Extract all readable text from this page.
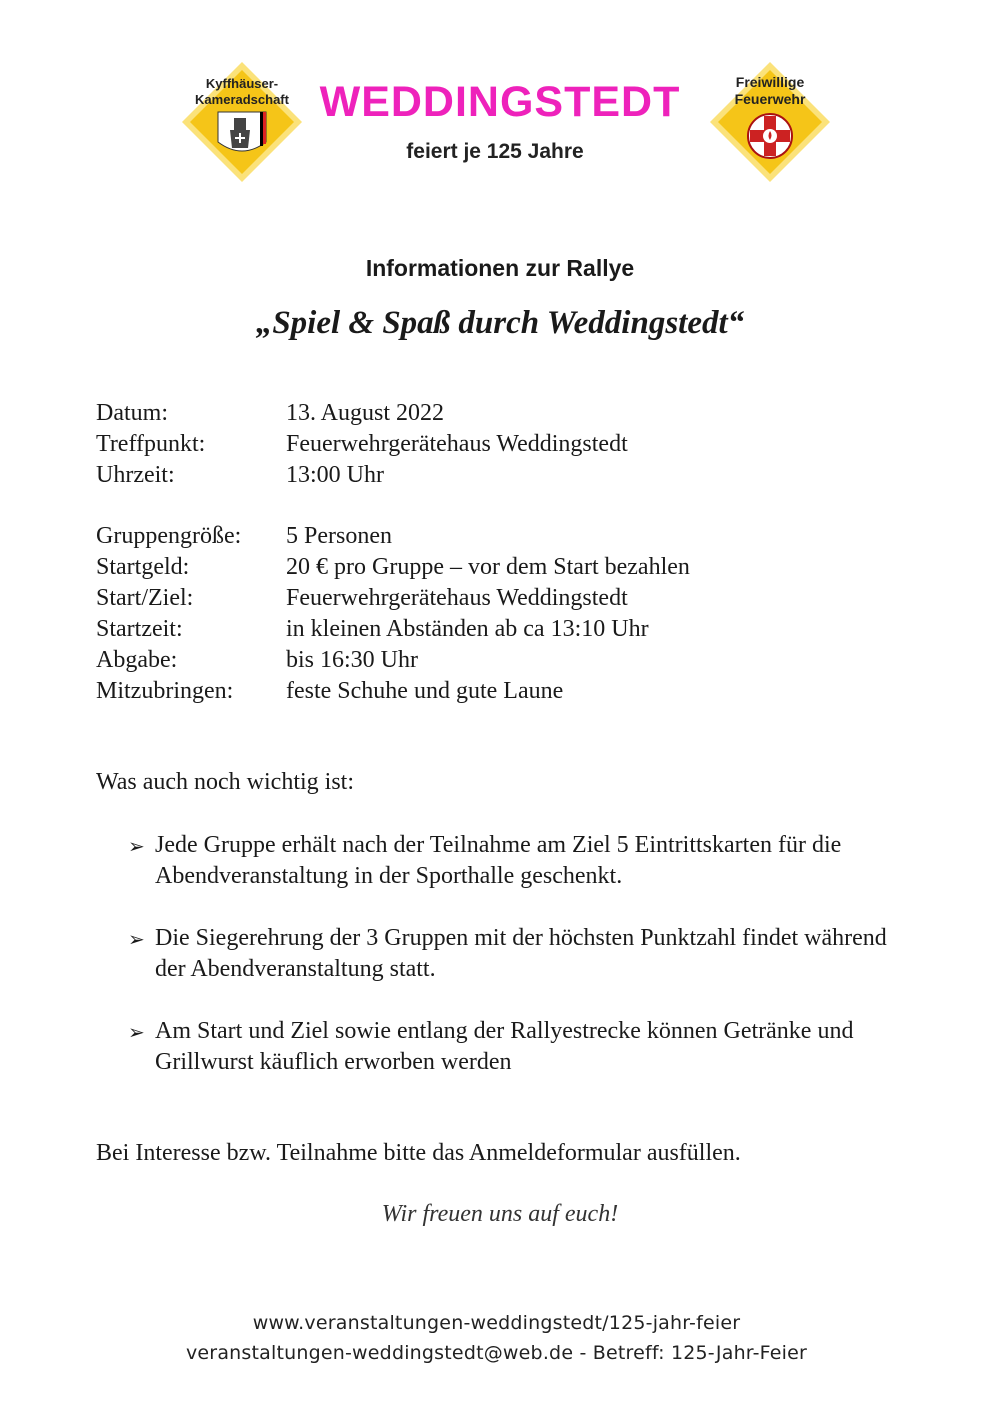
Kyffhäuser-
Kameradschaft
Freiwillige
Feuerwehr
WEDDINGSTEDT
feiert je 125 Jahre
Informationen zur Rallye
„Spiel & Spaß durch Weddingstedt“
Datum:	13. August 2022
Treffpunkt:	Feuerwehrgerätehaus Weddingstedt
Uhrzeit:	13:00 Uhr
Gruppengröße:	5 Personen
Startgeld:	20 € pro Gruppe – vor dem Start bezahlen
Start/Ziel:	Feuerwehrgerätehaus Weddingstedt
Startzeit:	in kleinen Abständen ab ca 13:10 Uhr
Abgabe:	bis 16:30 Uhr
Mitzubringen:	feste Schuhe und gute Laune
Was auch noch wichtig ist:
➢ Jede Gruppe erhält nach der Teilnahme am Ziel 5 Eintrittskarten für die Abendveranstaltung in der Sporthalle geschenkt.
➢ Die Siegerehrung der 3 Gruppen mit der höchsten Punktzahl findet während der Abendveranstaltung statt.
➢ Am Start und Ziel sowie entlang der Rallyestrecke können Getränke und Grillwurst käuflich erworben werden
Bei Interesse bzw. Teilnahme bitte das Anmeldeformular ausfüllen.
Wir freuen uns auf euch!
www.veranstaltungen-weddingstedt/125-jahr-feier
veranstaltungen-weddingstedt@web.de - Betreff: 125-Jahr-Feier
